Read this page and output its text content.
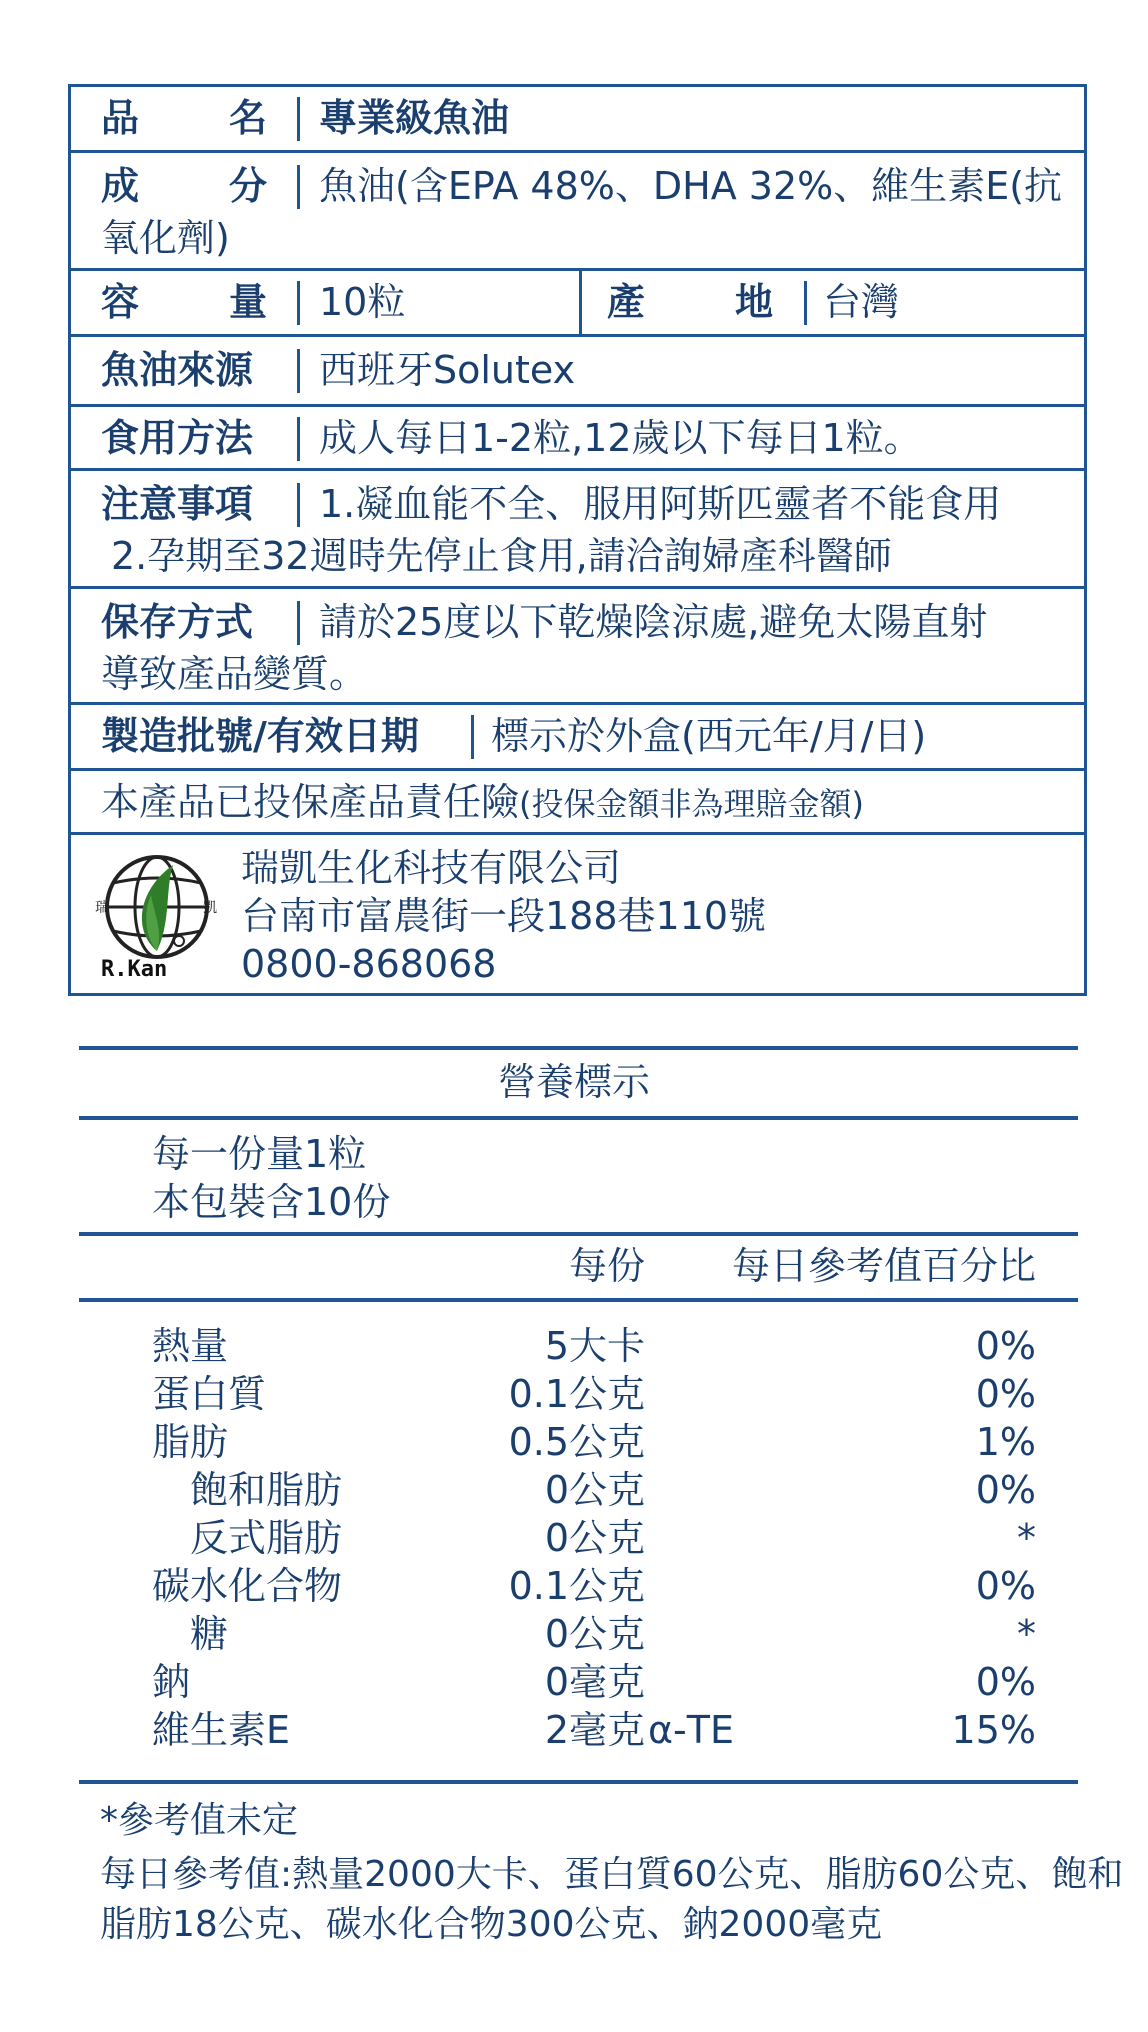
品 名 專業級魚油
成 分 魚油(含EPA 48%、DHA 32%、維生素E(抗
氧化劑)
容 量 10粒	產 地 台灣
魚油來源 西班牙Solutex
食用方法 成人每日1-2粒,12歲以下每日1粒。
注意事項 1.凝血能不全、服用阿斯匹靈者不能食用
2.孕期至32週時先停止食用,請洽詢婦產科醫師
保存方式 請於25度以下乾燥陰涼處,避免太陽直射
導致產品變質。
製造批號/有效日期 標示於外盒(西元年/月/日)
本產品已投保產品責任險(投保金額非為理賠金額)
瑞	凱
R.Kan
瑞凱生化科技有限公司
台南市富農街一段188巷110號
0800-868068
營養標示
每一份量1粒
本包裝含10份
每份 每日參考值百分比
熱量	5大卡	0%
蛋白質	0.1公克	0%
脂肪	0.5公克	1%
飽和脂肪	0公克	0%
反式脂肪	0公克	*
碳水化合物	0.1公克	0%
糖	0公克	*
鈉	0毫克	0%
維生素E	2毫克 α-TE	15%
*參考值未定
每日參考值:熱量2000大卡、蛋白質60公克、脂肪60公克、飽和
脂肪18公克、碳水化合物300公克、鈉2000毫克
